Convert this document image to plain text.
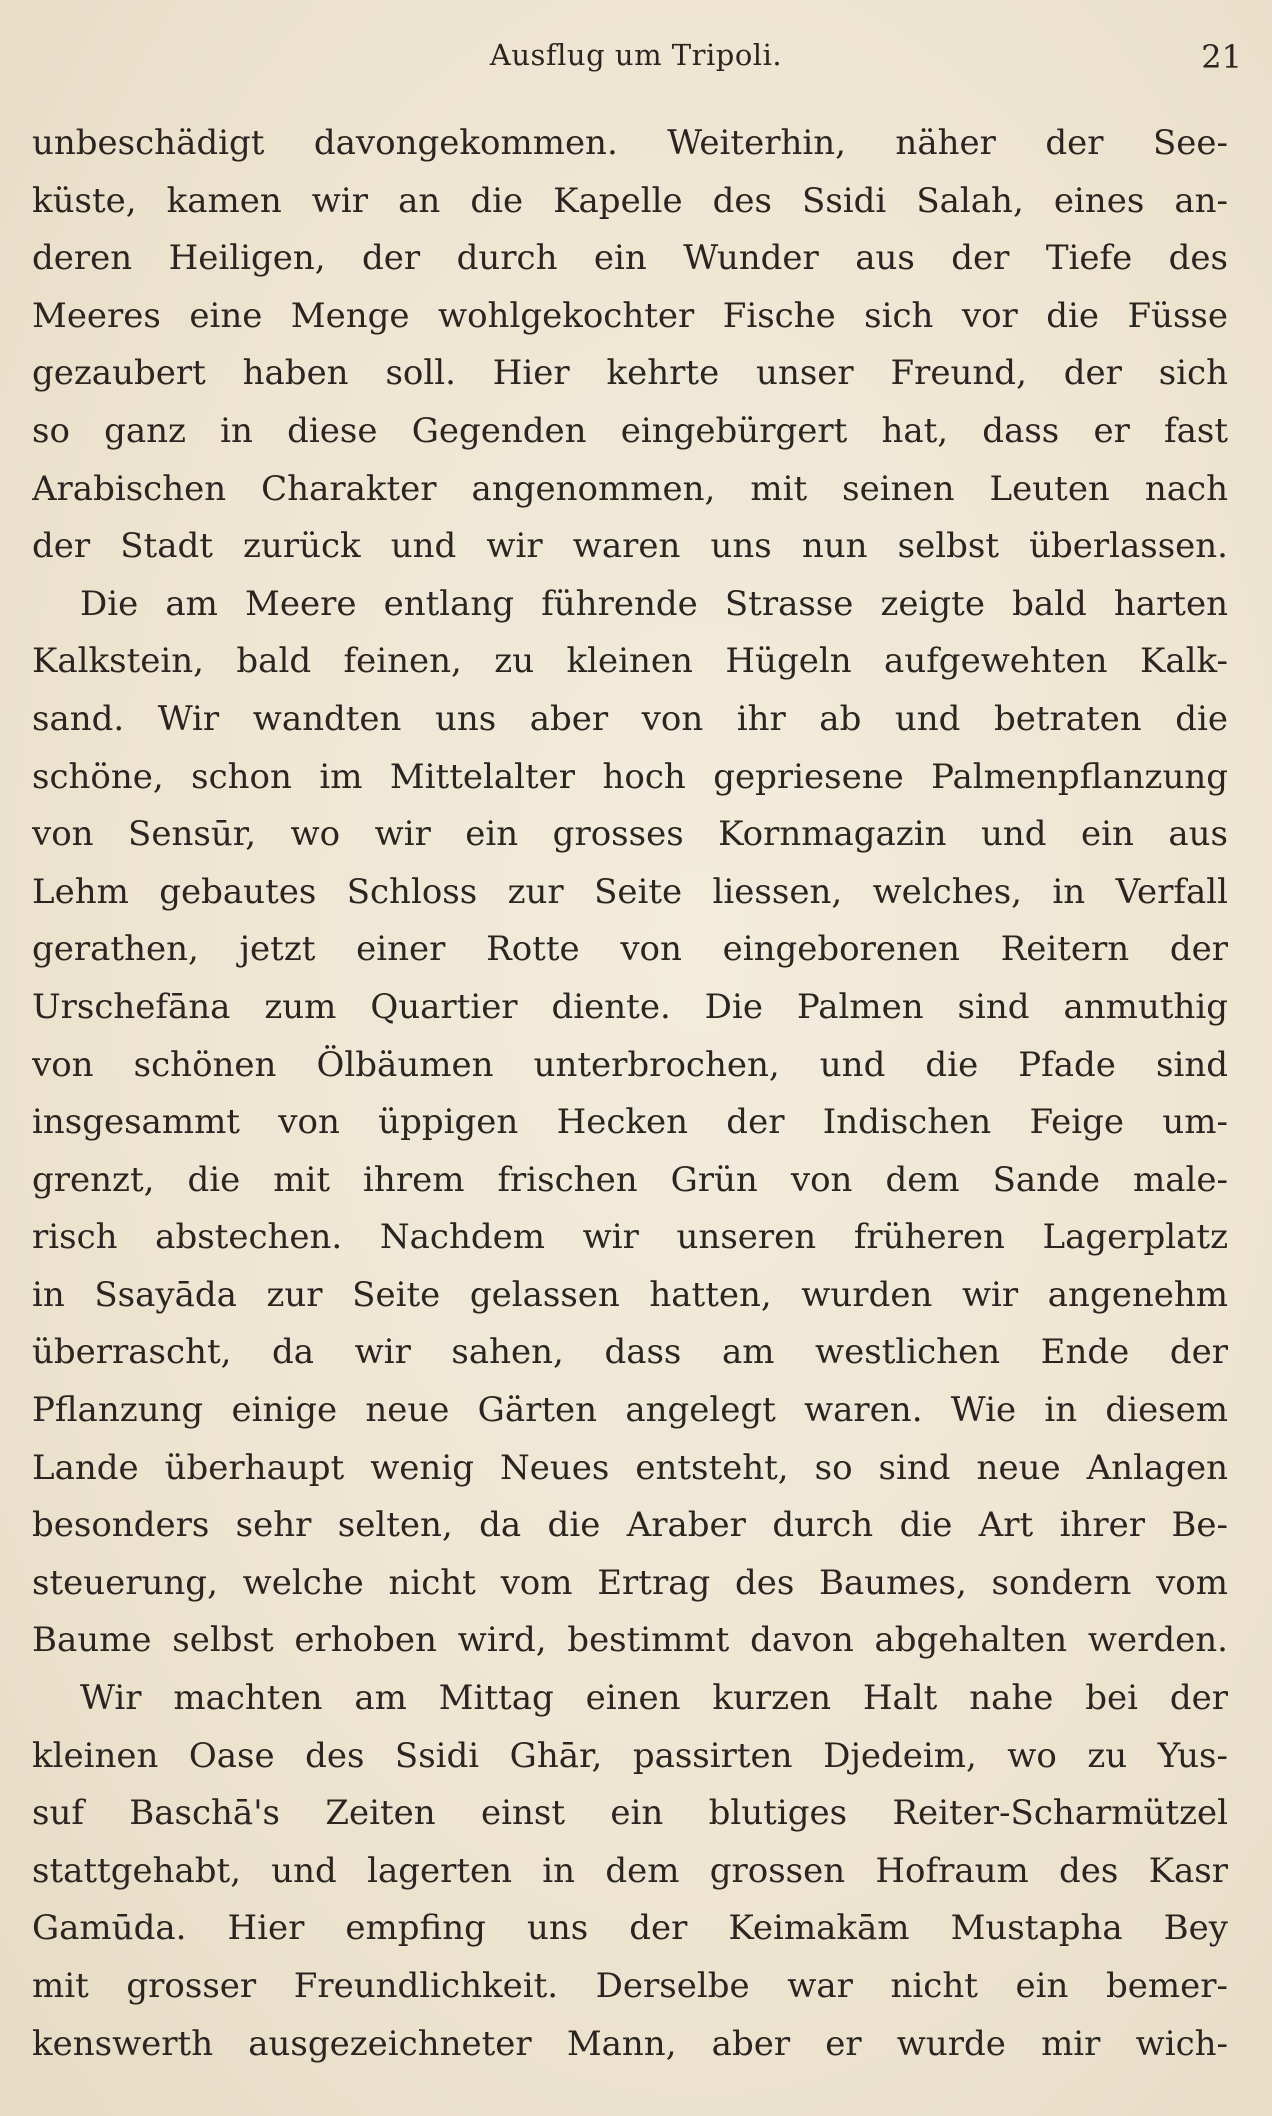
Ausflug um Tripoli.	21
unbeschädigt davongekommen. Weiterhin, näher der See-
küste, kamen wir an die Kapelle des Ssidi Salah, eines an-
deren Heiligen, der durch ein Wunder aus der Tiefe des
Meeres eine Menge wohlgekochter Fische sich vor die Füsse
gezaubert haben soll. Hier kehrte unser Freund, der sich
so ganz in diese Gegenden eingebürgert hat, dass er fast
Arabischen Charakter angenommen, mit seinen Leuten nach
der Stadt zurück und wir waren uns nun selbst überlassen.
Die am Meere entlang führende Strasse zeigte bald harten
Kalkstein, bald feinen, zu kleinen Hügeln aufgewehten Kalk-
sand. Wir wandten uns aber von ihr ab und betraten die
schöne, schon im Mittelalter hoch gepriesene Palmenpflanzung
von Sensūr, wo wir ein grosses Kornmagazin und ein aus
Lehm gebautes Schloss zur Seite liessen, welches, in Verfall
gerathen, jetzt einer Rotte von eingeborenen Reitern der
Urschefāna zum Quartier diente. Die Palmen sind anmuthig
von schönen Ölbäumen unterbrochen, und die Pfade sind
insgesammt von üppigen Hecken der Indischen Feige um-
grenzt, die mit ihrem frischen Grün von dem Sande male-
risch abstechen. Nachdem wir unseren früheren Lagerplatz
in Ssayāda zur Seite gelassen hatten, wurden wir angenehm
überrascht, da wir sahen, dass am westlichen Ende der
Pflanzung einige neue Gärten angelegt waren. Wie in diesem
Lande überhaupt wenig Neues entsteht, so sind neue Anlagen
besonders sehr selten, da die Araber durch die Art ihrer Be-
steuerung, welche nicht vom Ertrag des Baumes, sondern vom
Baume selbst erhoben wird, bestimmt davon abgehalten werden.
Wir machten am Mittag einen kurzen Halt nahe bei der
kleinen Oase des Ssidi Ghār, passirten Djedeim, wo zu Yus-
suf Baschā's Zeiten einst ein blutiges Reiter-Scharmützel
stattgehabt, und lagerten in dem grossen Hofraum des Kasr
Gamūda. Hier empfing uns der Keimakām Mustapha Bey
mit grosser Freundlichkeit. Derselbe war nicht ein bemer-
kenswerth ausgezeichneter Mann, aber er wurde mir wich-
